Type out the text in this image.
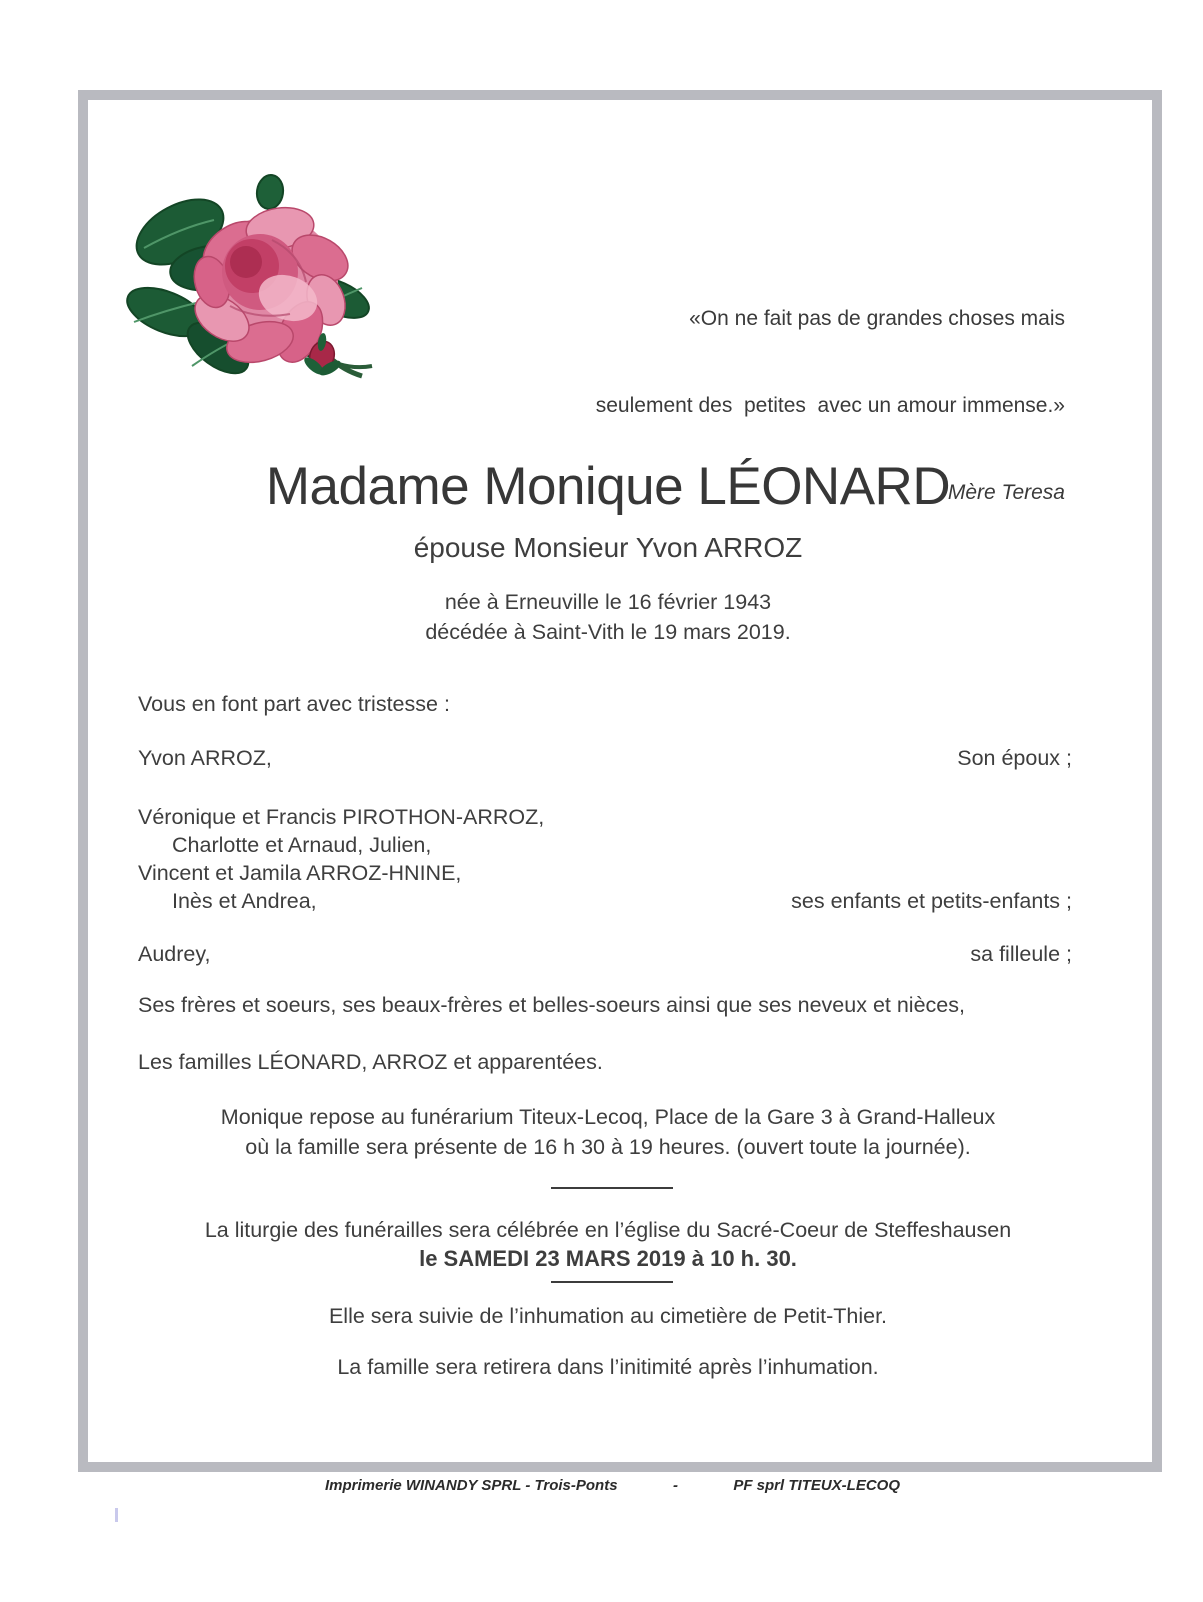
«On ne fait pas de grandes choses mais

seulement des  petites  avec un amour immense.»

Mère Teresa

Madame Monique LÉONARD
épouse Monsieur Yvon ARROZ
née à Erneuville le 16 février 1943
décédée à Saint-Vith le 19 mars 2019.
Vous en font part avec tristesse :
Yvon ARROZ,	Son époux ;
Véronique et Francis PIROTHON-ARROZ,
Charlotte et Arnaud, Julien,
Vincent et Jamila ARROZ-HNINE,
Inès et Andrea,	ses enfants et petits-enfants ;
Audrey,	sa filleule ;
Ses frères et soeurs, ses beaux-frères et belles-soeurs ainsi que ses neveux et nièces,
Les familles LÉONARD, ARROZ et apparentées.
Monique repose au funérarium Titeux-Lecoq, Place de la Gare 3 à Grand-Halleux
où la famille sera présente de 16 h 30 à 19 heures. (ouvert toute la journée).
La liturgie des funérailles sera célébrée en l’église du Sacré-Coeur de Steffeshausen
le SAMEDI 23 MARS 2019 à 10 h. 30.
Elle sera suivie de l’inhumation au cimetière de Petit-Thier.
La famille sera retirera dans l’initimité après l’inhumation.
Imprimerie WINANDY SPRL - Trois-Ponts	-	PF sprl TITEUX-LECOQ
